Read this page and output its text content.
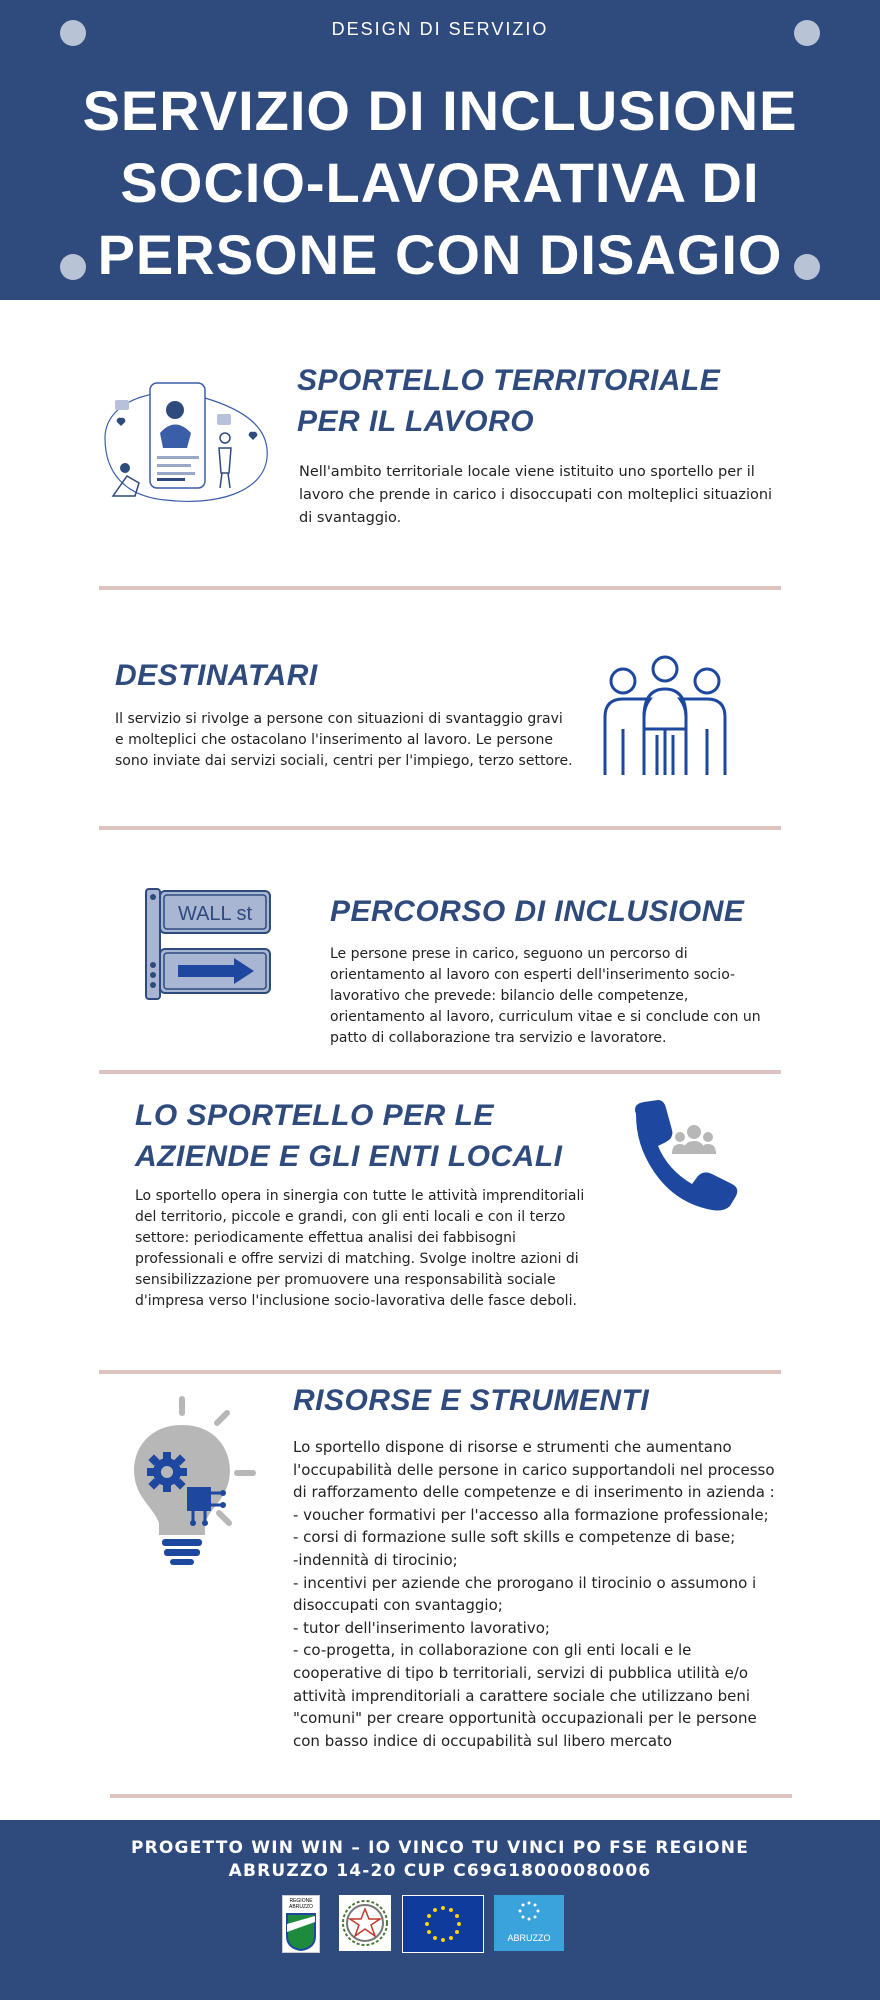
DESIGN DI SERVIZIO
SERVIZIO DI INCLUSIONE SOCIO-LAVORATIVA DI PERSONE CON DISAGIO
SPORTELLO TERRITORIALE PER IL LAVORO
Nell'ambito territoriale locale viene istituito uno sportello per il lavoro che prende in carico i disoccupati con molteplici situazioni di svantaggio.
DESTINATARI
Il servizio si rivolge a persone con situazioni di svantaggio gravi e molteplici che ostacolano l'inserimento al lavoro. Le persone sono inviate dai servizi sociali, centri per l'impiego, terzo settore.
WALL st	PERCORSO DI INCLUSIONE
Le persone prese in carico, seguono un percorso di orientamento al lavoro con esperti dell'inserimento socio-lavorativo che prevede: bilancio delle competenze, orientamento al lavoro, curriculum vitae e si conclude con un patto di collaborazione tra servizio e lavoratore.
LO SPORTELLO PER LE AZIENDE E GLI ENTI LOCALI
Lo sportello opera in sinergia con tutte le attività imprenditoriali del territorio, piccole e grandi, con gli enti locali e con il terzo settore: periodicamente effettua analisi dei fabbisogni professionali e offre servizi di matching. Svolge inoltre azioni di sensibilizzazione per promuovere una responsabilità sociale d'impresa verso l'inclusione socio-lavorativa delle fasce deboli.
RISORSE E STRUMENTI
Lo sportello dispone di risorse e strumenti che aumentano l'occupabilità delle persone in carico supportandoli nel processo di rafforzamento delle competenze e di inserimento in azienda :
- voucher formativi per l'accesso alla formazione professionale;
- corsi di formazione sulle soft skills e competenze di base;
-indennità di tirocinio;
- incentivi per aziende che prorogano il tirocinio o assumono i disoccupati con svantaggio;
- tutor dell'inserimento lavorativo;
- co-progetta, in collaborazione con gli enti locali e le cooperative di tipo b territoriali, servizi di pubblica utilità e/o attività imprenditoriali a carattere sociale che utilizzano beni "comuni" per creare opportunità occupazionali per le persone con basso indice di occupabilità sul libero mercato
PROGETTO WIN WIN – IO VINCO TU VINCI PO FSE REGIONE ABRUZZO 14-20 CUP C69G18000080006
REGIONE ABRUZZO
ABRUZZO
